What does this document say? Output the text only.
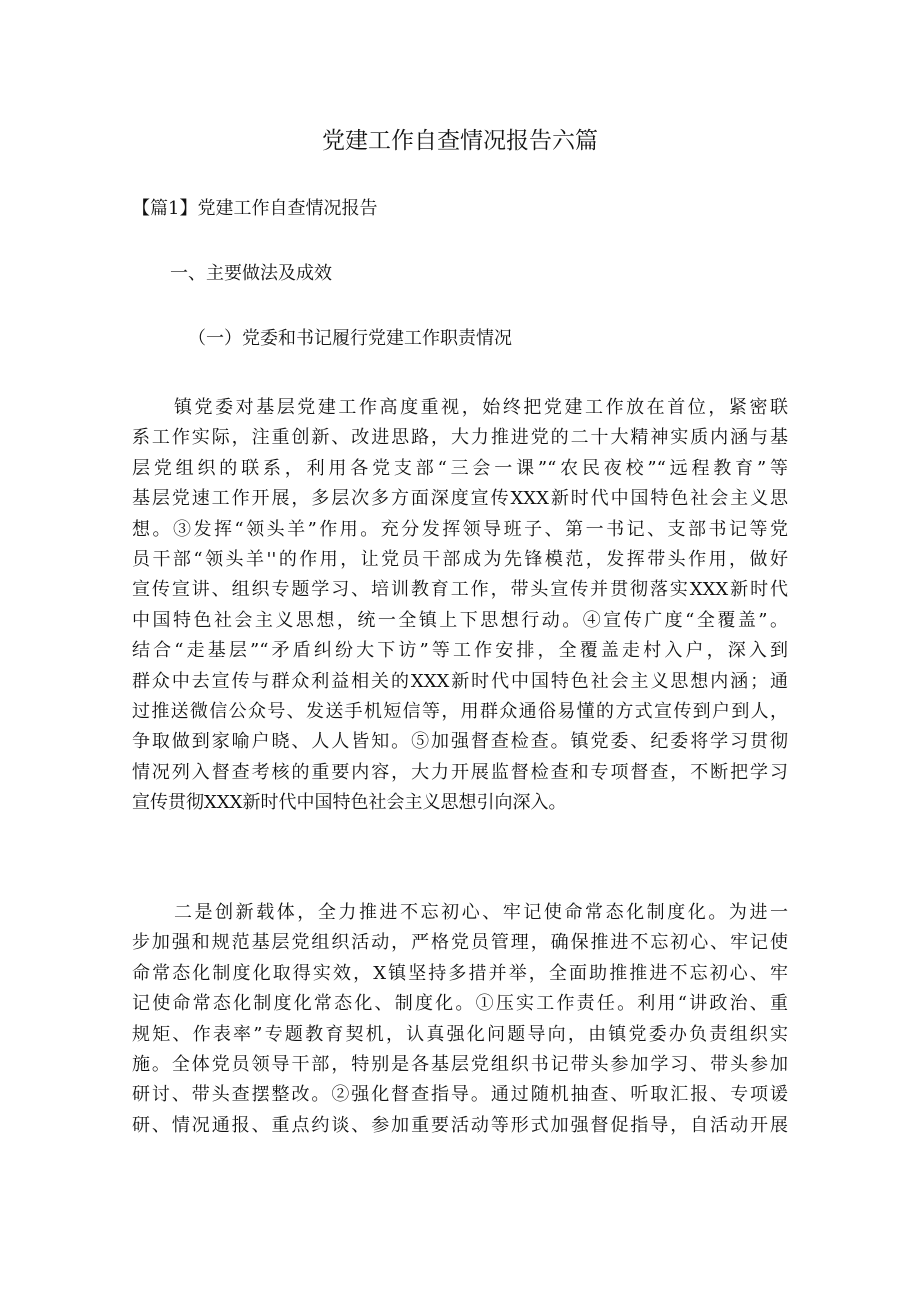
党建工作自查情况报告六篇
【篇1】党建工作自查情况报告
一、主要做法及成效
（一）党委和书记履行党建工作职责情况
镇党委对基层党建工作高度重视，始终把党建工作放在首位，紧密联
系工作实际，注重创新、改进思路，大力推进党的二十大精神实质内涵与基
层党组织的联系，利用各党支部“三会一课”“农民夜校”“远程教育”等
基层党速工作开展，多层次多方面深度宣传XXX新时代中国特色社会主义思
想。③发挥“领头羊”作用。充分发挥领导班子、第一书记、支部书记等党
员干部“领头羊''的作用，让党员干部成为先锋模范，发挥带头作用，做好
宣传宣讲、组织专题学习、培训教育工作，带头宣传并贯彻落实XXX新时代
中国特色社会主义思想，统一全镇上下思想行动。④宣传广度“全覆盖”。
结合“走基层”“矛盾纠纷大下访”等工作安排，全覆盖走村入户，深入到
群众中去宣传与群众利益相关的XXX新时代中国特色社会主义思想内涵；通
过推送微信公众号、发送手机短信等，用群众通俗易懂的方式宣传到户到人，
争取做到家喻户晓、人人皆知。⑤加强督查检查。镇党委、纪委将学习贯彻
情况列入督查考核的重要内容，大力开展监督检查和专项督查，不断把学习
宣传贯彻XXX新时代中国特色社会主义思想引向深入。
二是创新载体，全力推进不忘初心、牢记使命常态化制度化。为进一
步加强和规范基层党组织活动，严格党员管理，确保推进不忘初心、牢记使
命常态化制度化取得实效，X镇坚持多措并举，全面助推推进不忘初心、牢
记使命常态化制度化常态化、制度化。①压实工作责任。利用“讲政治、重
规矩、作表率”专题教育契机，认真强化问题导向，由镇党委办负责组织实
施。全体党员领导干部，特别是各基层党组织书记带头参加学习、带头参加
研讨、带头查摆整改。②强化督查指导。通过随机抽查、听取汇报、专项谖
研、情况通报、重点约谈、参加重要活动等形式加强督促指导，自活动开展
